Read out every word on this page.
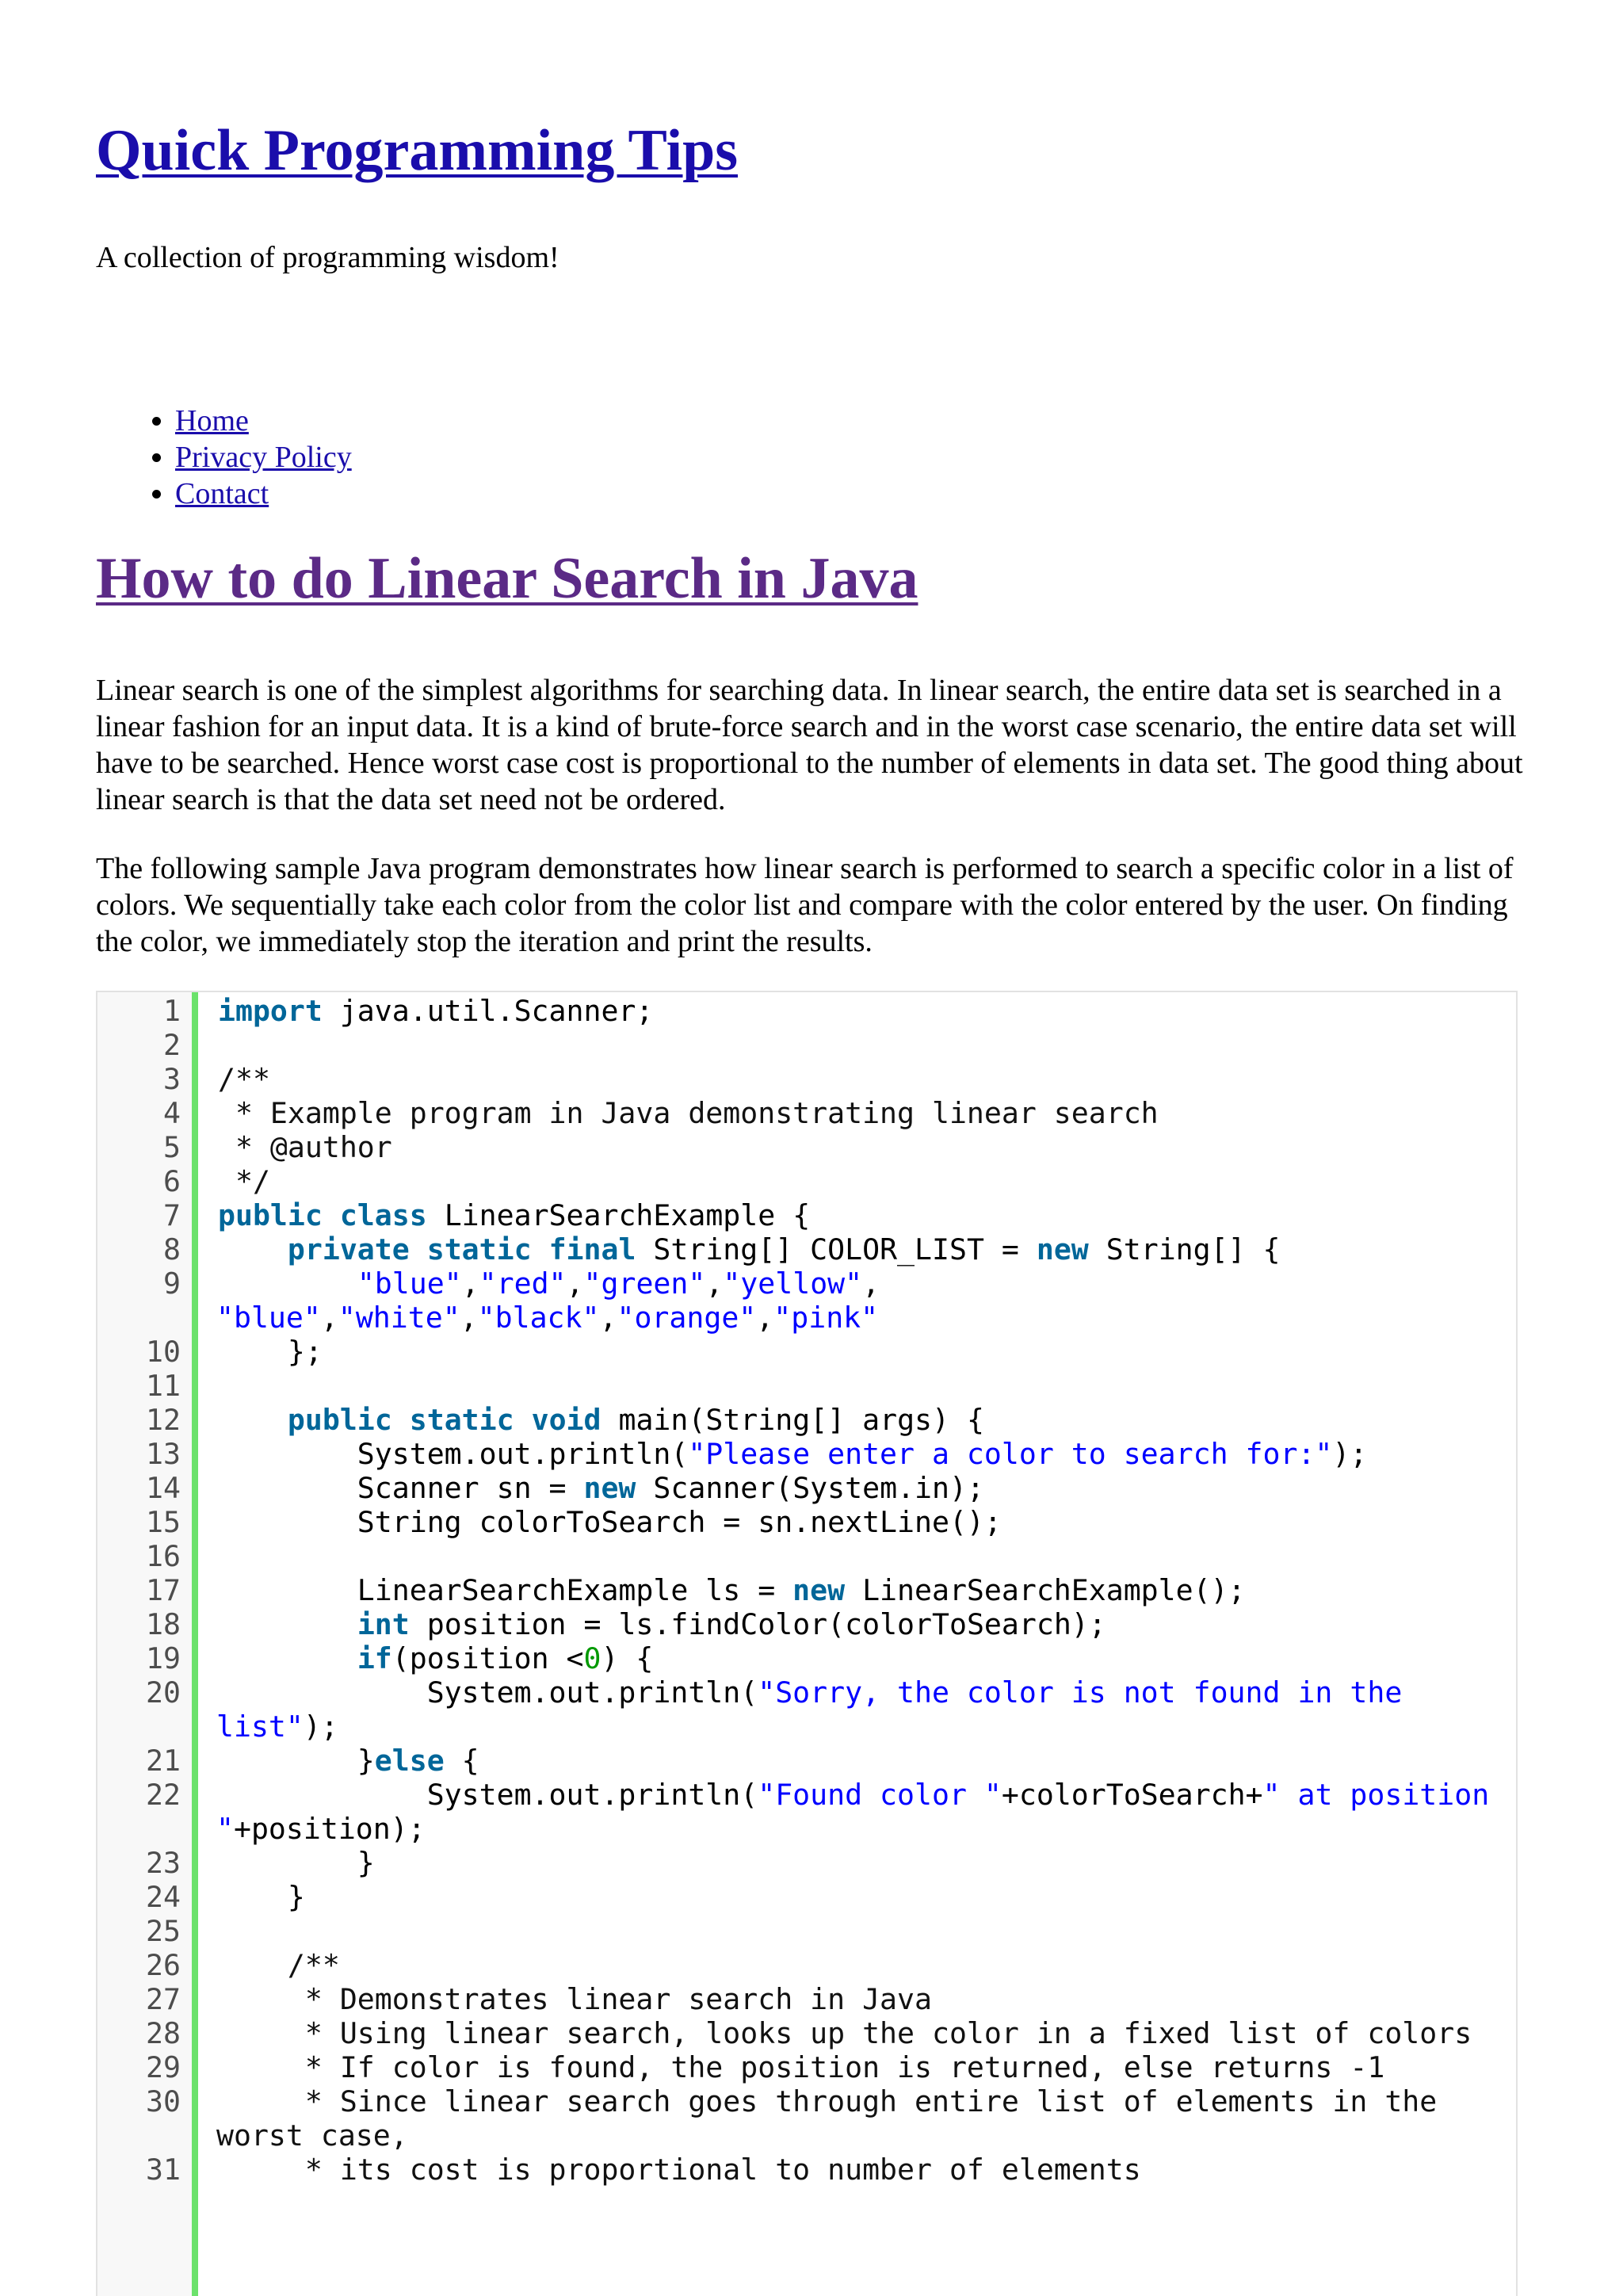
Quick Programming Tips

A collection of programming wisdom!

• Home
• Privacy Policy
• Contact
How to do Linear Search in Java

Linear search is one of the simplest algorithms for searching data. In linear search, the entire data set is searched in a linear fashion for an input data. It is a kind of brute-force search and in the worst case scenario, the entire data set will have to be searched. Hence worst case cost is proportional to the number of elements in data set. The good thing about linear search is that the data set need not be ordered.

The following sample Java program demonstrates how linear search is performed to search a specific color in a list of colors. We sequentially take each color from the color list and compare with the color entered by the user. On finding the color, we immediately stop the iteration and print the results.

1 import java.util.Scanner;
2

3 /**
4 * Example program in Java demonstrating linear search
5 * @author
6 */
7 public class LinearSearchExample {
8	private static final String[] COLOR_LIST = new String[] {
9	"blue","red","green","yellow",
"blue","white","black","orange","pink"
10 };
11

12	public static void main(String[] args) {
13 System.out.println("Please enter a color to search for:");
14 Scanner sn = new Scanner(System.in);
15 String colorToSearch = sn.nextLine();
16

17 LinearSearchExample ls = new LinearSearchExample();
18	int position = ls.findColor(colorToSearch);
19	if(position <0) {
20 System.out.println("Sorry, the color is not found in the
list");
21 }else {
22 System.out.println("Found color "+colorToSearch+" at position
"+position);
23 }
24 }
25

26 /**
27 * Demonstrates linear search in Java
28 * Using linear search, looks up the color in a fixed list of colors
29 * If color is found, the position is returned, else returns -1
30 * Since linear search goes through entire list of elements in the
worst case,
31 * its cost is proportional to number of elements
